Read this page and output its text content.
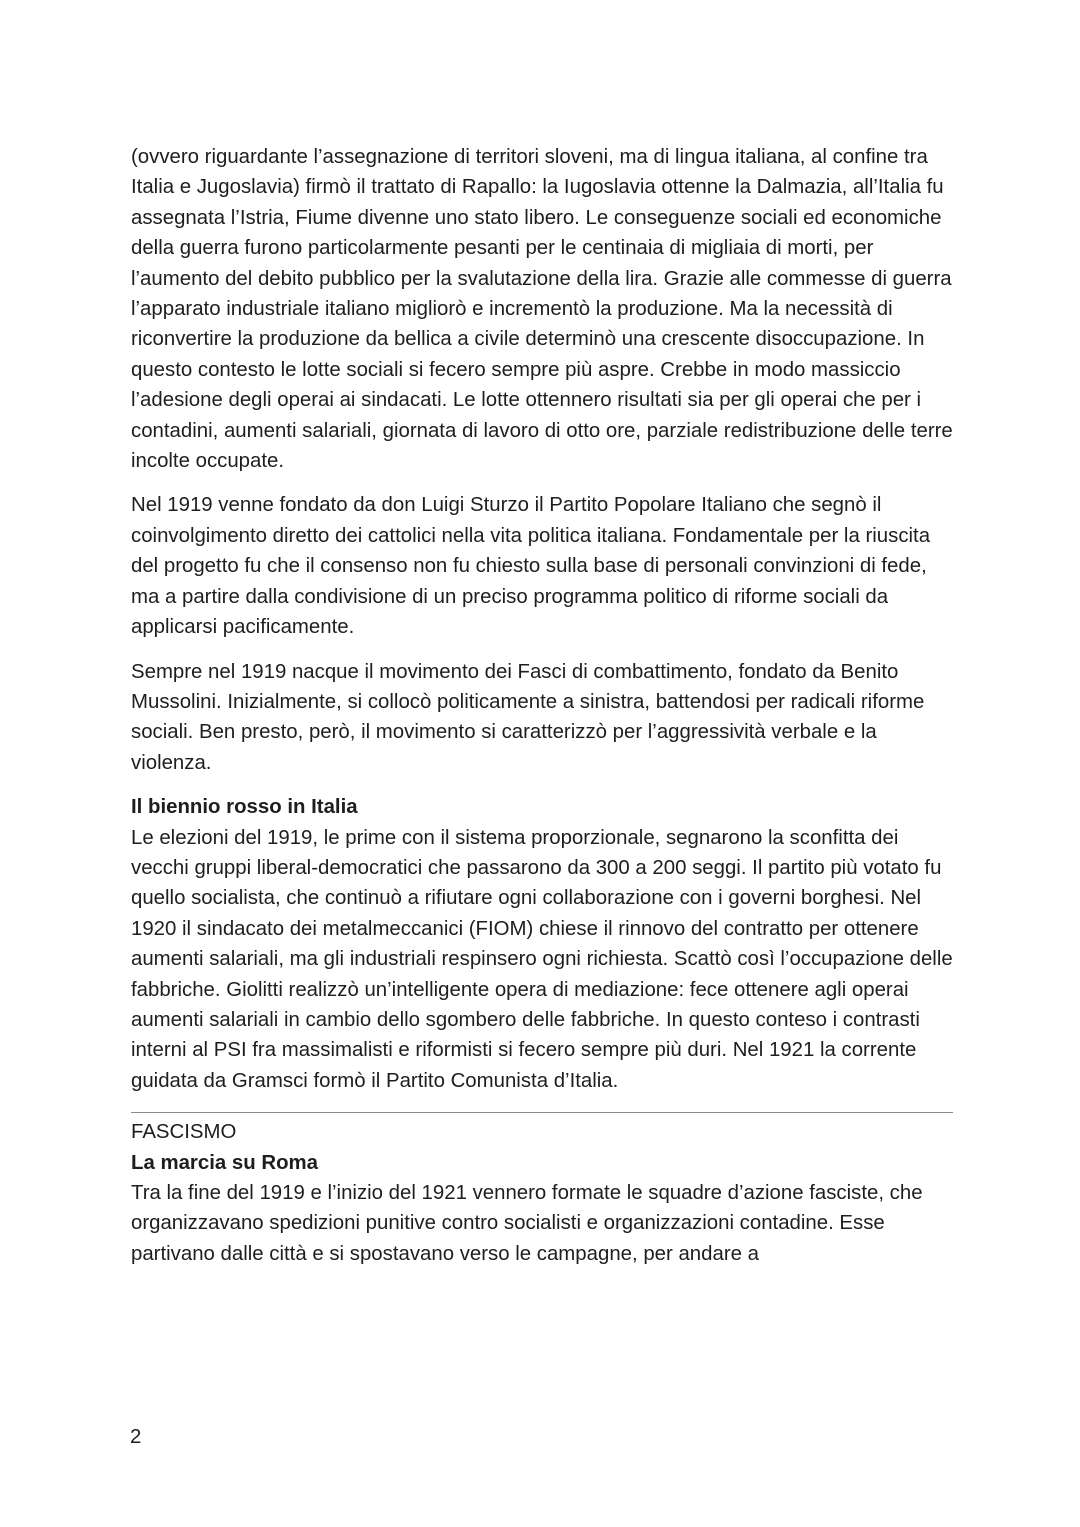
(ovvero riguardante l’assegnazione di territori sloveni, ma di lingua italiana, al confine tra Italia e Jugoslavia) firmò il trattato di Rapallo: la Iugoslavia ottenne la Dalmazia, all’Italia fu assegnata l’Istria, Fiume divenne uno stato libero. Le conseguenze sociali ed economiche della guerra furono particolarmente pesanti per le centinaia di migliaia di morti, per l’aumento del debito pubblico per la svalutazione della lira. Grazie alle commesse di guerra l’apparato industriale italiano migliorò e incrementò la produzione. Ma la necessità di riconvertire la produzione da bellica a civile determinò una crescente disoccupazione. In questo contesto le lotte sociali si fecero sempre più aspre. Crebbe in modo massiccio l’adesione degli operai ai sindacati. Le lotte ottennero risultati sia per gli operai che per i contadini, aumenti salariali, giornata di lavoro di otto ore, parziale redistribuzione delle terre incolte occupate.

Nel 1919 venne fondato da don Luigi Sturzo il Partito Popolare Italiano che segnò il coinvolgimento diretto dei cattolici nella vita politica italiana. Fondamentale per la riuscita del progetto fu che il consenso non fu chiesto sulla base di personali convinzioni di fede, ma a partire dalla condivisione di un preciso programma politico di riforme sociali da applicarsi pacificamente.

Sempre nel 1919 nacque il movimento dei Fasci di combattimento, fondato da Benito Mussolini. Inizialmente, si collocò politicamente a sinistra, battendosi per radicali riforme sociali. Ben presto, però, il movimento si caratterizzò per l’aggressività verbale e la violenza.

Il biennio rosso in Italia

Le elezioni del 1919, le prime con il sistema proporzionale, segnarono la sconfitta dei vecchi gruppi liberal-democratici che passarono da 300 a 200 seggi. Il partito più votato fu quello socialista, che continuò a rifiutare ogni collaborazione con i governi borghesi. Nel 1920 il sindacato dei metalmeccanici (FIOM) chiese il rinnovo del contratto per ottenere aumenti salariali, ma gli industriali respinsero ogni richiesta. Scattò così l’occupazione delle fabbriche. Giolitti realizzò un’intelligente opera di mediazione: fece ottenere agli operai aumenti salariali in cambio dello sgombero delle fabbriche. In questo conteso i contrasti interni al PSI fra massimalisti e riformisti si fecero sempre più duri. Nel 1921 la corrente guidata da Gramsci formò il Partito Comunista d’Italia.

FASCISMO

La marcia su Roma

Tra la fine del 1919 e l’inizio del 1921 vennero formate le squadre d’azione fasciste, che organizzavano spedizioni punitive contro socialisti e organizzazioni contadine. Esse partivano dalle città e si spostavano verso le campagne, per andare a

2
